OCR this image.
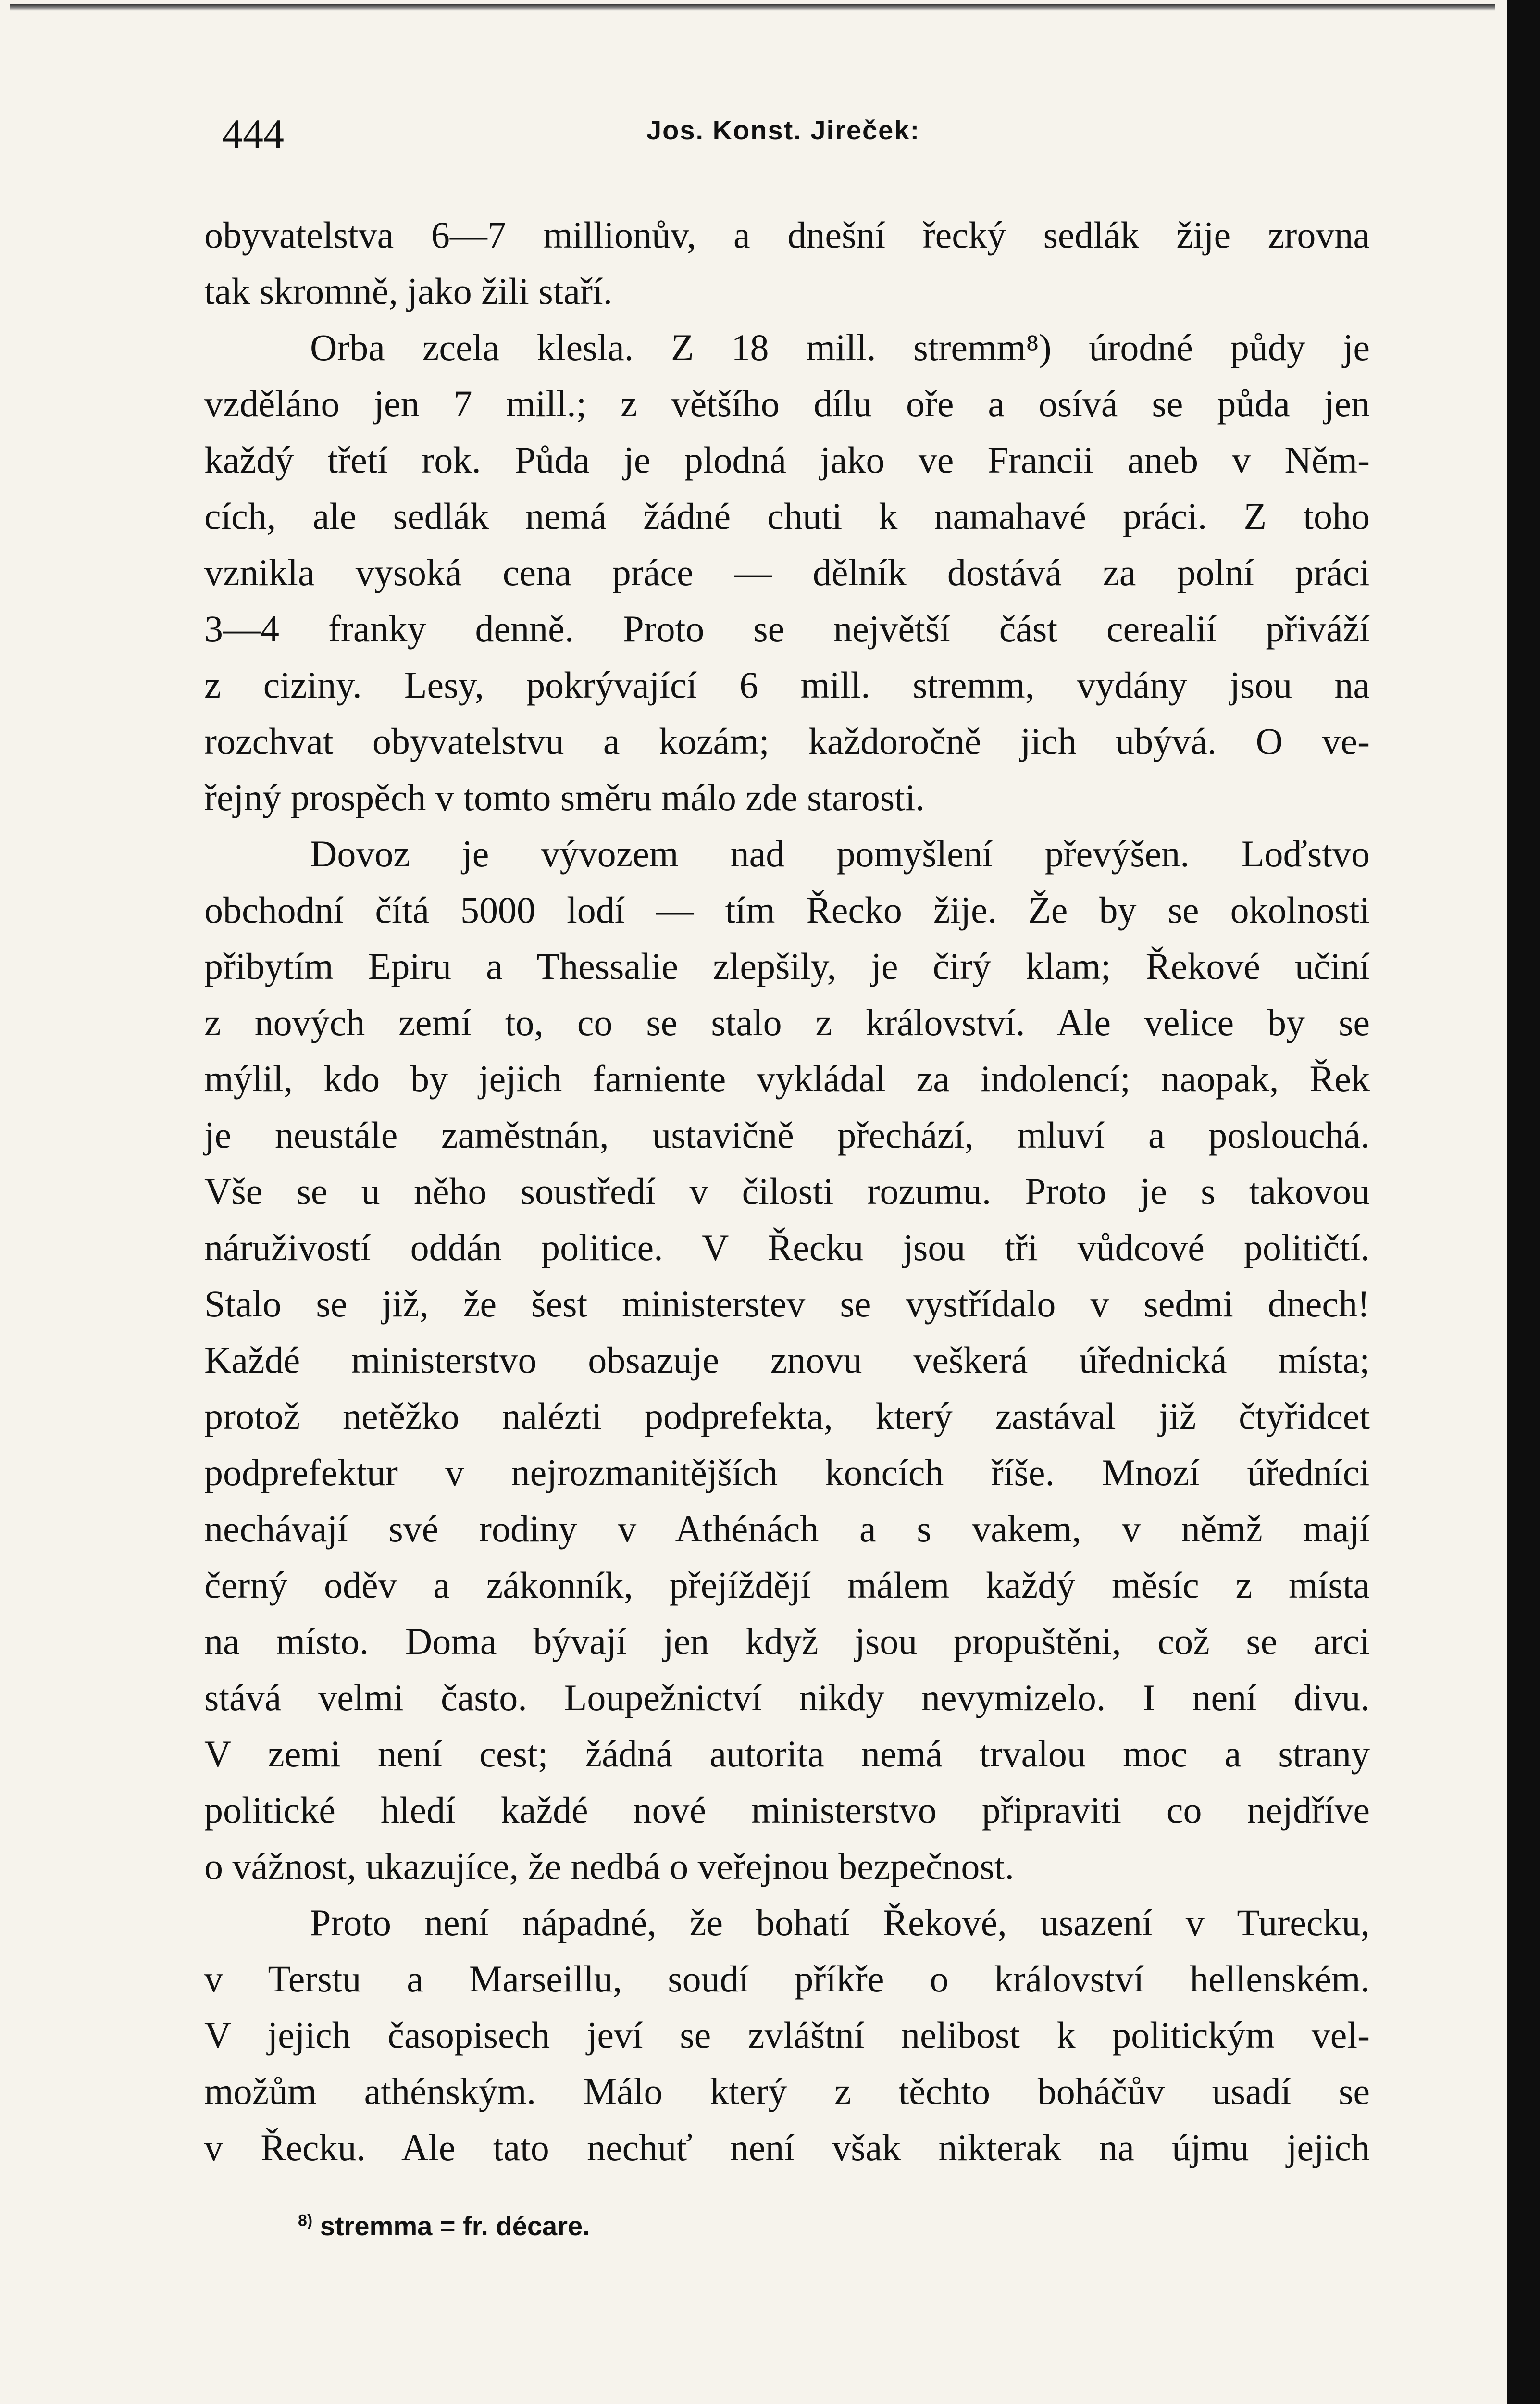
444	Jos. Konst. Jireček:

obyvatelstva 6—7 millionův, a dnešní řecký sedlák žije zrovna
tak skromně, jako žili staří.

Orba zcela klesla. Z 18 mill. stremm⁸) úrodné půdy je
vzděláno jen 7 mill.; z většího dílu oře a osívá se půda jen
každý třetí rok. Půda je plodná jako ve Francii aneb v Něm-
cích, ale sedlák nemá žádné chuti k namahavé práci. Z toho
vznikla vysoká cena práce — dělník dostává za polní práci
3—4 franky denně. Proto se největší část cerealií přiváží
z ciziny. Lesy, pokrývající 6 mill. stremm, vydány jsou na
rozchvat obyvatelstvu a kozám; každoročně jich ubývá. O ve-
řejný prospěch v tomto směru málo zde starosti.

Dovoz je vývozem nad pomyšlení převýšen. Loďstvo
obchodní čítá 5000 lodí — tím Řecko žije. Že by se okolnosti
přibytím Epiru a Thessalie zlepšily, je čirý klam; Řekové učiní
z nových zemí to, co se stalo z království. Ale velice by se
mýlil, kdo by jejich farniente vykládal za indolencí; naopak, Řek
je neustále zaměstnán, ustavičně přechází, mluví a poslouchá.
Vše se u něho soustředí v čilosti rozumu. Proto je s takovou
náruživostí oddán politice. V Řecku jsou tři vůdcové političtí.
Stalo se již, že šest ministerstev se vystřídalo v sedmi dnech!
Každé ministerstvo obsazuje znovu veškerá úřednická místa;
protož netěžko nalézti podprefekta, který zastával již čtyřidcet
podprefektur v nejrozmanitějších koncích říše. Mnozí úředníci
nechávají své rodiny v Athénách a s vakem, v němž mají
černý oděv a zákonník, přejíždějí málem každý měsíc z místa
na místo. Doma bývají jen když jsou propuštěni, což se arci
stává velmi často. Loupežnictví nikdy nevymizelo. I není divu.
V zemi není cest; žádná autorita nemá trvalou moc a strany
politické hledí každé nové ministerstvo připraviti co nejdříve
o vážnost, ukazujíce, že nedbá o veřejnou bezpečnost.

Proto není nápadné, že bohatí Řekové, usazení v Turecku,
v Terstu a Marseillu, soudí příkře o království hellenském.
V jejich časopisech jeví se zvláštní nelibost k politickým vel-
možům athénským. Málo který z těchto boháčův usadí se
v Řecku. Ale tato nechuť není však nikterak na újmu jejich

$^{8)}$ stremma = fr. décare.
